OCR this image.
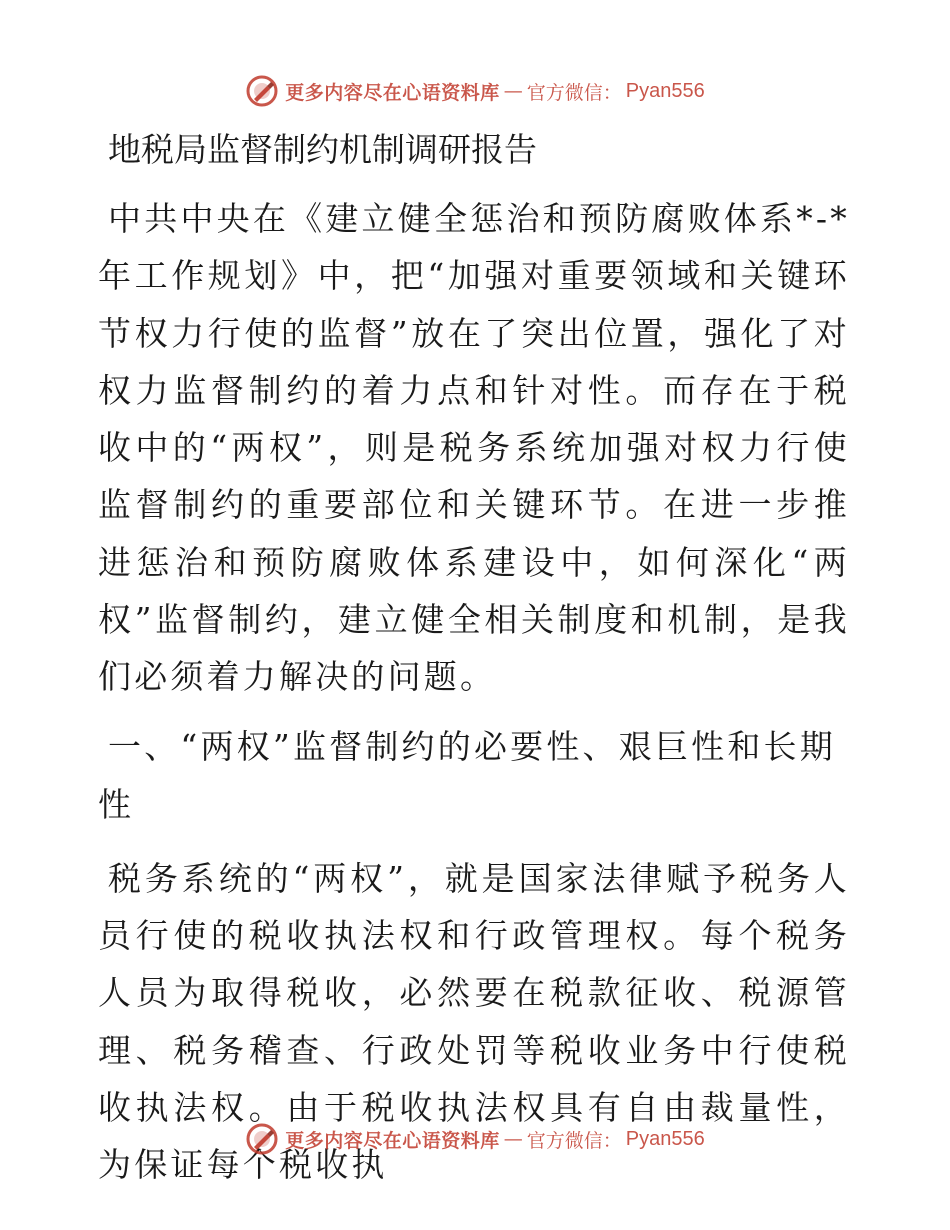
更多内容尽在心语资料库 — 官方微信： Pyan556
地税局监督制约机制调研报告

中共中央在《建立健全惩治和预防腐败体系*-*年工作规划》中，把“加强对重要领域和关键环节权力行使的监督”放在了突出位置，强化了对权力监督制约的着力点和针对性。而存在于税收中的“两权”，则是税务系统加强对权力行使监督制约的重要部位和关键环节。在进一步推进惩治和预防腐败体系建设中，如何深化“两权”监督制约，建立健全相关制度和机制，是我们必须着力解决的问题。

一、“两权”监督制约的必要性、艰巨性和长期性

税务系统的“两权”，就是国家法律赋予税务人员行使的税收执法权和行政管理权。每个税务人员为取得税收，必然要在税款征收、税源管理、税务稽查、行政处罚等税收业务中行使税收执法权。由于税收执法权具有自由裁量性，为保证每个税收执

更多内容尽在心语资料库 — 官方微信： Pyan556
